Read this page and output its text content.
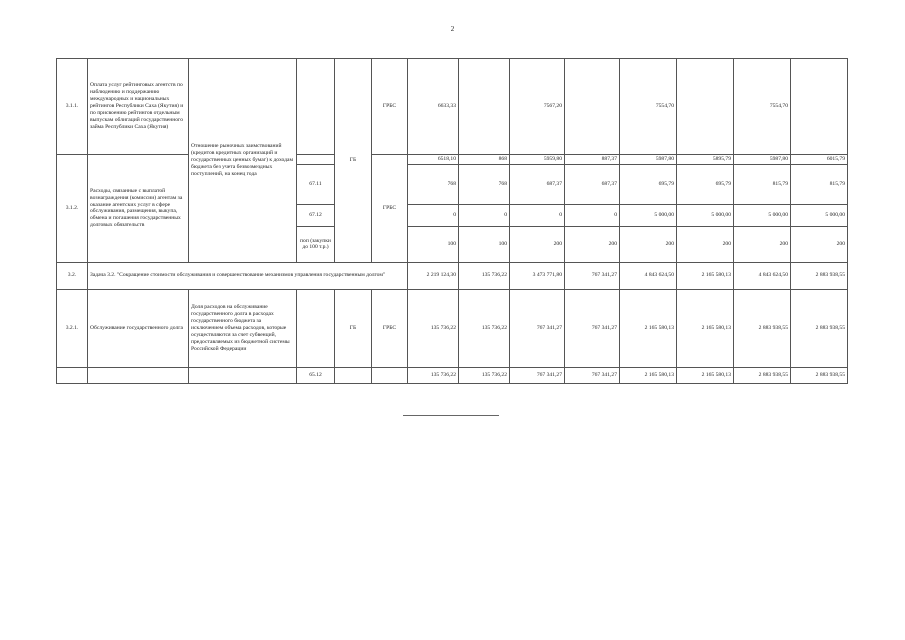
2
3.1.1.	Оплата услуг рейтинговых агентств по наблюдению и поддержанию международных и национальных рейтингов Республики Саха (Якутия) и по присвоению рейтингов отдельным выпускам облигаций государственного займа Республики Саха (Якутия)	Отношение рыночных заимствований (кредитов кредитных организаций и государственных ценных бумаг) к доходам бюджета без учета безвозмездных поступлений, на конец года		ГБ	ГРБС	6633,33		7567,20		7554,70		7554,70	
3.1.2.	Расходы, связанные с выплатой вознаграждения (комиссии) агентам за оказание агентских услуг в сфере обслуживания, размещения, выкупа, обмена и погашения государственных долговых обязательств				ГРБС	6518,10	868	5959,80	887,37	5987,80	5895,79	5987,80	6015,79
			67.11			768	768	687,37	687,37	695,79	695,79	815,79	815,79
			67.12			0	0	0	0	5 000,00	5 000,00	5 000,00	5 000,00
			поп (закупки до 100 т.р.)			100	100	200	200	200	200	200	200
3.2.	Задача 3.2. "Сокращение стоимости обслуживания и совершенствование механизмов управления государственным долгом"					2 219 124,30	135 736,22	3 473 771,80	767 341,27	4 843 624,50	2 165 580,13	4 843 624,50	2 883 938,55
3.2.1.	Обслуживание государственного долга	Доля расходов на обслуживание государственного долга в расходах государственного бюджета за исключением объема расходов, которые осуществляются за счет субвенций, предоставляемых из бюджетной системы Российской Федерации		ГБ	ГРБС	135 736,22	135 736,22	767 341,27	767 341,27	2 165 580,13	2 165 580,13	2 883 938,55	2 883 938,55
			65.12			135 736,22	135 736,22	767 341,27	767 341,27	2 165 580,13	2 165 580,13	2 883 938,55	2 883 938,55
